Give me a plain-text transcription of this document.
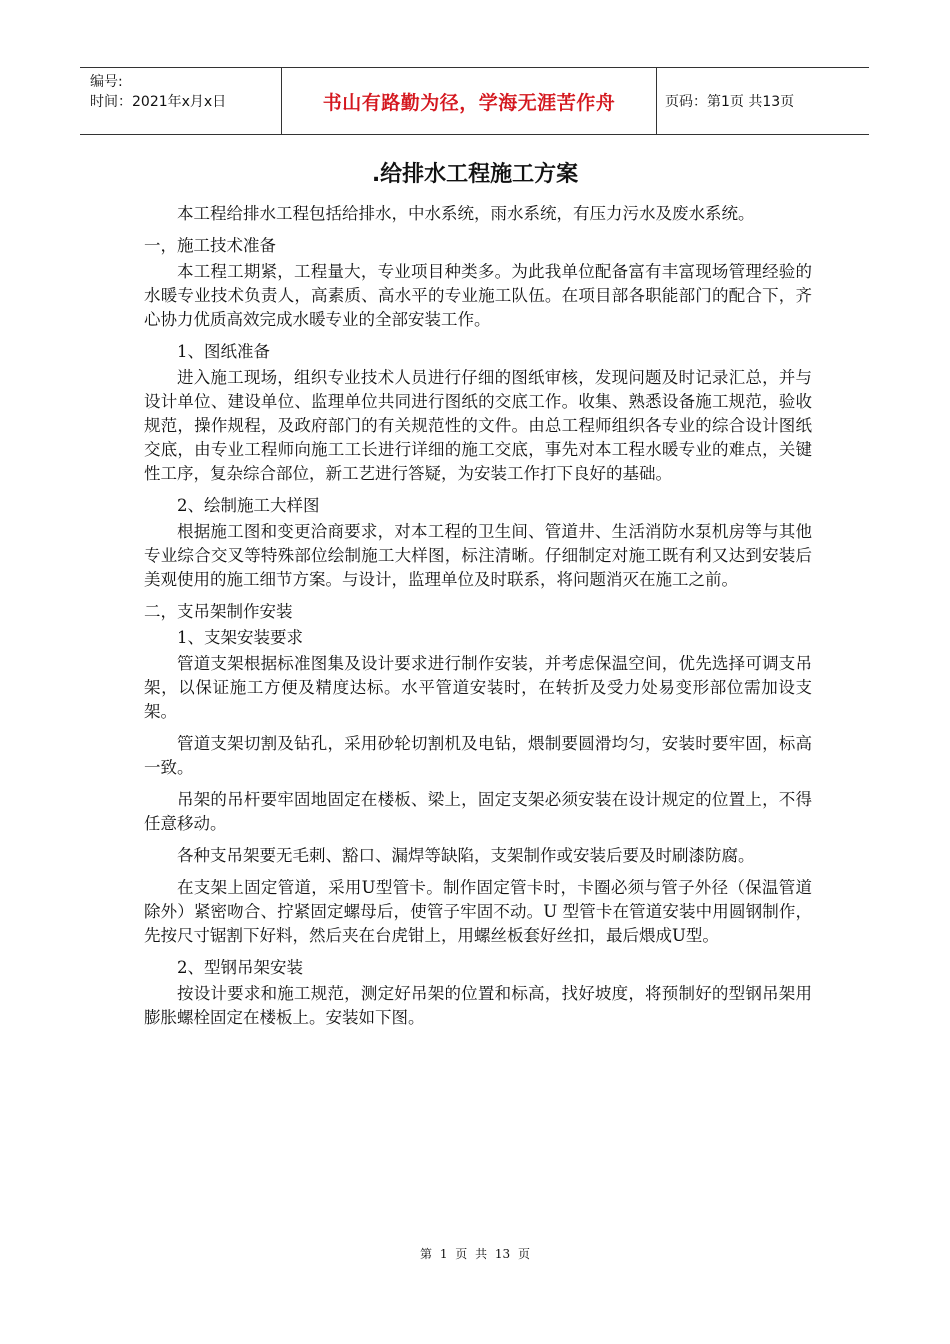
编号:
时间：2021年x月x日	书山有路勤为径，学海无涯苦作舟	页码：第1页 共13页
.给排水工程施工方案

本工程给排水工程包括给排水，中水系统，雨水系统，有压力污水及废水系统。

一，施工技术准备

本工程工期紧，工程量大，专业项目种类多。为此我单位配备富有丰富现场管理经验的水暖专业技术负责人，高素质、高水平的专业施工队伍。在项目部各职能部门的配合下，齐心协力优质高效完成水暖专业的全部安装工作。

1、图纸准备

进入施工现场，组织专业技术人员进行仔细的图纸审核，发现问题及时记录汇总，并与设计单位、建设单位、监理单位共同进行图纸的交底工作。收集、熟悉设备施工规范，验收规范，操作规程，及政府部门的有关规范性的文件。由总工程师组织各专业的综合设计图纸交底，由专业工程师向施工工长进行详细的施工交底，事先对本工程水暖专业的难点，关键性工序，复杂综合部位，新工艺进行答疑，为安装工作打下良好的基础。

2、绘制施工大样图

根据施工图和变更洽商要求，对本工程的卫生间、管道井、生活消防水泵机房等与其他专业综合交叉等特殊部位绘制施工大样图，标注清晰。仔细制定对施工既有利又达到安装后美观使用的施工细节方案。与设计，监理单位及时联系，将问题消灭在施工之前。

二，支吊架制作安装

1、支架安装要求

管道支架根据标准图集及设计要求进行制作安装，并考虑保温空间，优先选择可调支吊架，以保证施工方便及精度达标。水平管道安装时，在转折及受力处易变形部位需加设支架。

管道支架切割及钻孔，采用砂轮切割机及电钻，煨制要圆滑均匀，安装时要牢固，标高一致。

吊架的吊杆要牢固地固定在楼板、梁上，固定支架必须安装在设计规定的位置上，不得任意移动。

各种支吊架要无毛刺、豁口、漏焊等缺陷，支架制作或安装后要及时刷漆防腐。

在支架上固定管道，采用U型管卡。制作固定管卡时，卡圈必须与管子外径（保温管道除外）紧密吻合、拧紧固定螺母后，使管子牢固不动。U 型管卡在管道安装中用圆钢制作，先按尺寸锯割下好料，然后夹在台虎钳上，用螺丝板套好丝扣，最后煨成U型。

2、型钢吊架安装

按设计要求和施工规范，测定好吊架的位置和标高，找好坡度，将预制好的型钢吊架用膨胀螺栓固定在楼板上。安装如下图。

第 1 页 共 13 页
